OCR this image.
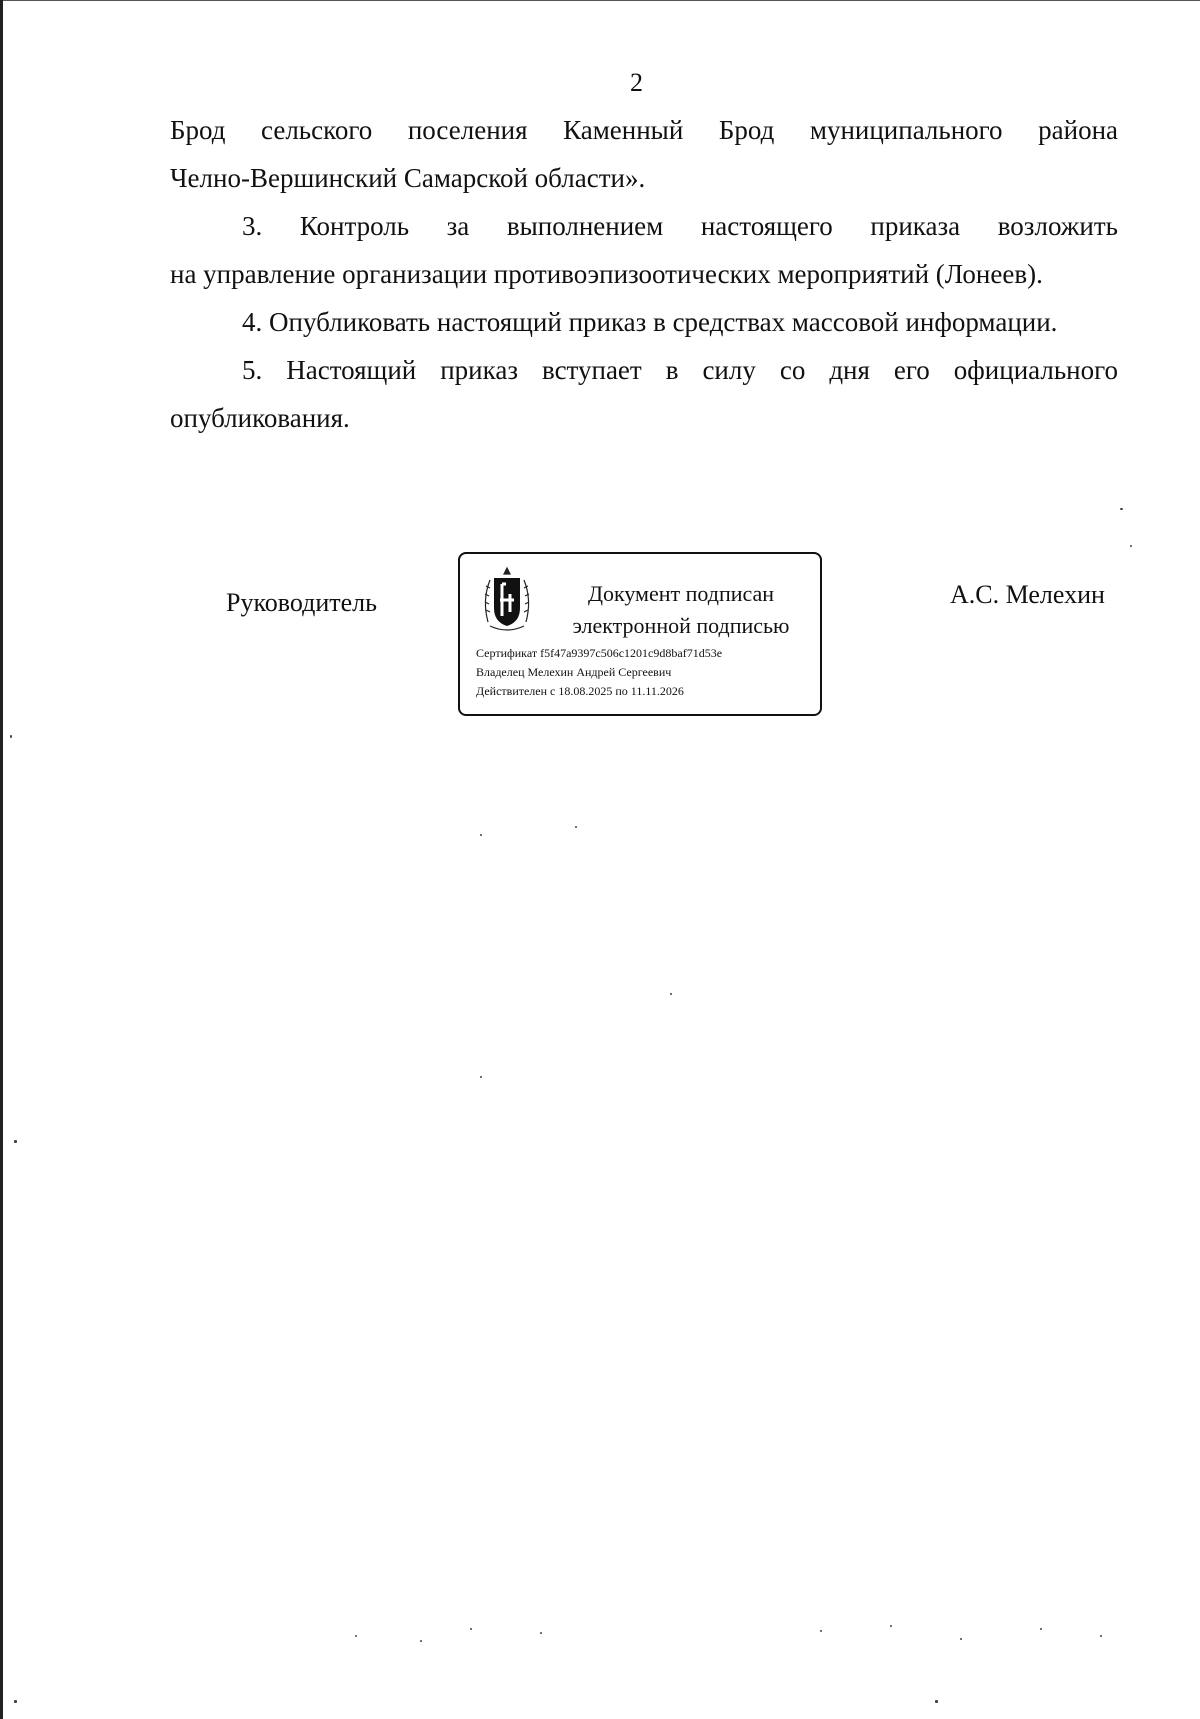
2
Брод сельского поселения Каменный Брод муниципального района
Челно-Вершинский Самарской области».
3. Контроль за выполнением настоящего приказа возложить
на управление организации противоэпизоотических мероприятий (Лонеев).
4. Опубликовать настоящий приказ в средствах массовой информации.
5. Настоящий приказ вступает в силу со дня его официального
опубликования.
Руководитель	Документ подписан
электронной подписью
Сертификат f5f47a9397c506c1201c9d8baf71d53e
Владелец Мелехин Андрей Сергеевич
Действителен с 18.08.2025 по 11.11.2026
А.С. Мелехин
